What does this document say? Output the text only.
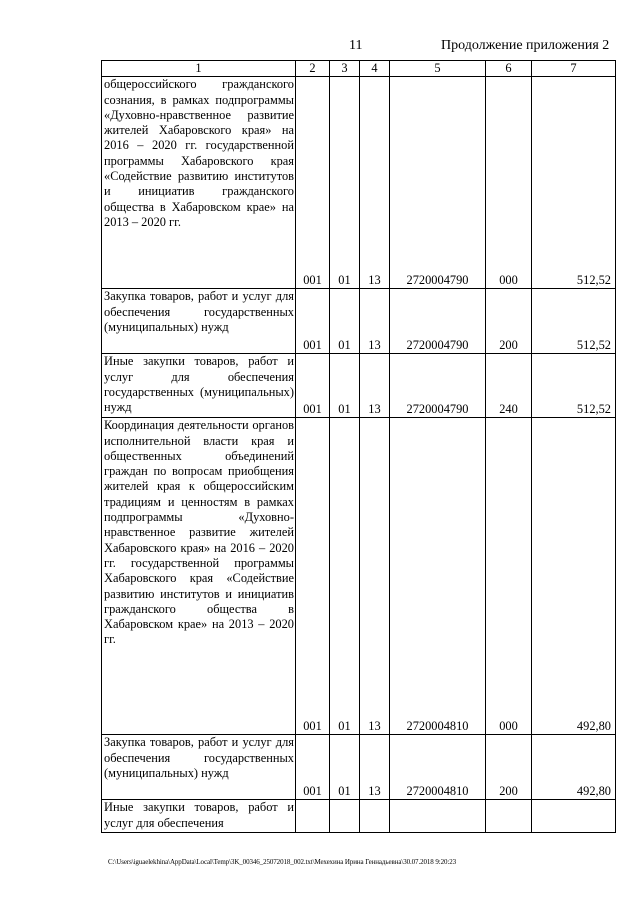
11	Продолжение приложения 2
1	2	3	4	5	6	7

общероссийского гражданского сознания, в рамках подпрограммы «Духовно-нравственное развитие жителей Хабаровского края» на 2016 – 2020 гг. государственной программы Хабаровского края «Содействие развитию институтов и инициатив гражданского общества в Хабаровском крае» на 2013 – 2020 гг.	001	01	13	2720004790	000	512,52

Закупка товаров, работ и услуг для обеспечения государственных (муниципальных) нужд	001	01	13	2720004790	200	512,52

Иные закупки товаров, работ и услуг для обеспечения государственных (муниципальных) нужд	001	01	13	2720004790	240	512,52

Координация деятельности органов исполнительной власти края и общественных объединений граждан по вопросам приобщения жителей края к общероссийским традициям и ценностям в рамках подпрограммы «Духовно-нравственное развитие жителей Хабаровского края» на 2016 – 2020 гг. государственной программы Хабаровского края «Содействие развитию институтов и инициатив гражданского общества в Хабаровском крае» на 2013 – 2020 гг.	001	01	13	2720004810	000	492,80

Закупка товаров, работ и услуг для обеспечения государственных (муниципальных) нужд	001	01	13	2720004810	200	492,80

Иные закупки товаров, работ и услуг для обеспечения						

C:\Users\iguaelekhina\AppData\Local\Temp\3K_00346_25072018_002.txt\Мехехина Ирина Геннадьевна\30.07.2018 9:20:23
